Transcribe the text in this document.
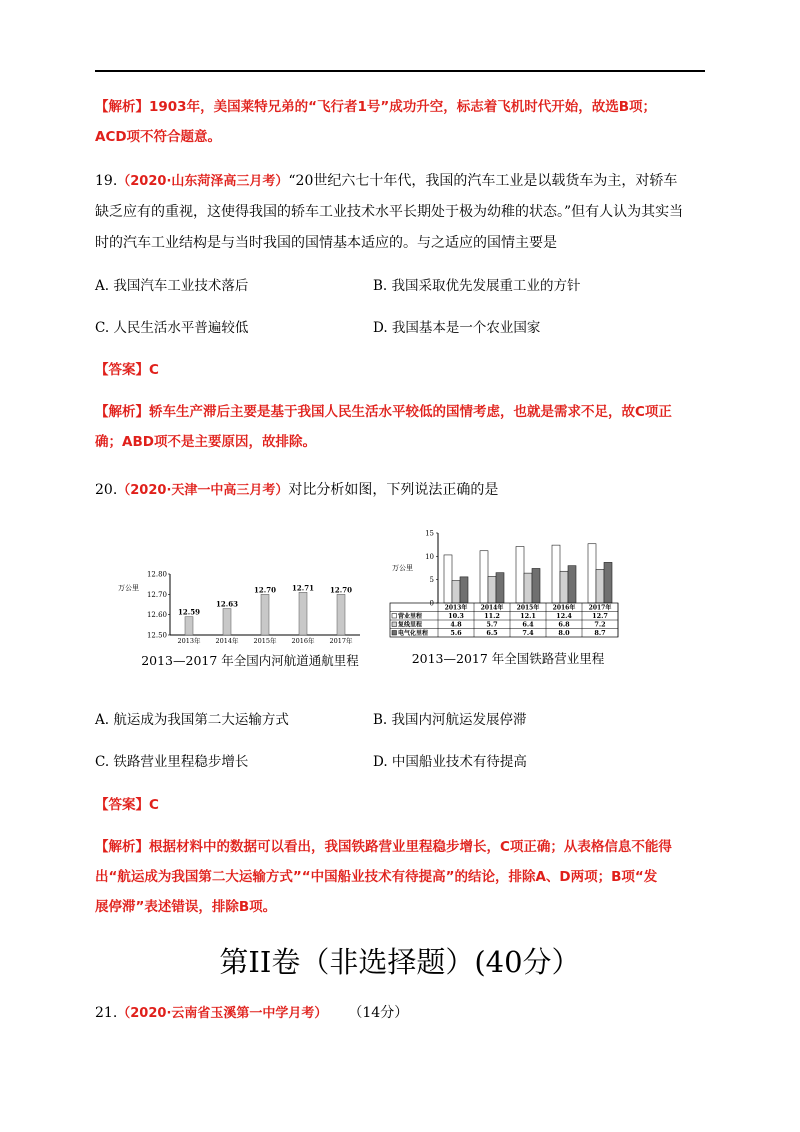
【解析】1903年，美国莱特兄弟的“飞行者1号”成功升空，标志着飞机时代开始，故选B项；
ACD项不符合题意。
19.（2020·山东菏泽高三月考）“20世纪六七十年代，我国的汽车工业是以载货车为主，对轿车
缺乏应有的重视，这使得我国的轿车工业技术水平长期处于极为幼稚的状态。”但有人认为其实当
时的汽车工业结构是与当时我国的国情基本适应的。与之适应的国情主要是
A. 我国汽车工业技术落后	B. 我国采取优先发展重工业的方针
C. 人民生活水平普遍较低	D. 我国基本是一个农业国家
【答案】C
【解析】轿车生产滞后主要是基于我国人民生活水平较低的国情考虑，也就是需求不足，故C项正
确；ABD项不是主要原因，故排除。
20.（2020·天津一中高三月考）对比分析如图，下列说法正确的是
万公里
12.80
12.70
12.60
12.50
12.59
2013年
12.63
2014年
12.70
2015年
12.71
2016年
12.70
2017年
2013—2017 年全国内河航道通航里程
万公里
15
10
5
0
2013年 2014年 2015年 2016年 2017年
营业里程	10.3	11.2	12.1	12.4	12.7
复线里程	4.8	5.7	6.4	6.8	7.2
电气化里程	5.6	6.5	7.4	8.0	8.7
2013—2017 年全国铁路营业里程
A. 航运成为我国第二大运输方式	B. 我国内河航运发展停滞
C. 铁路营业里程稳步增长	D. 中国船业技术有待提高
【答案】C
【解析】根据材料中的数据可以看出，我国铁路营业里程稳步增长，C项正确；从表格信息不能得
出“航运成为我国第二大运输方式”“中国船业技术有待提高”的结论，排除A、D两项；B项“发
展停滞”表述错误，排除B项。
第II卷（非选择题）(40分）
21.（2020·云南省玉溪第一中学月考） （14分）
